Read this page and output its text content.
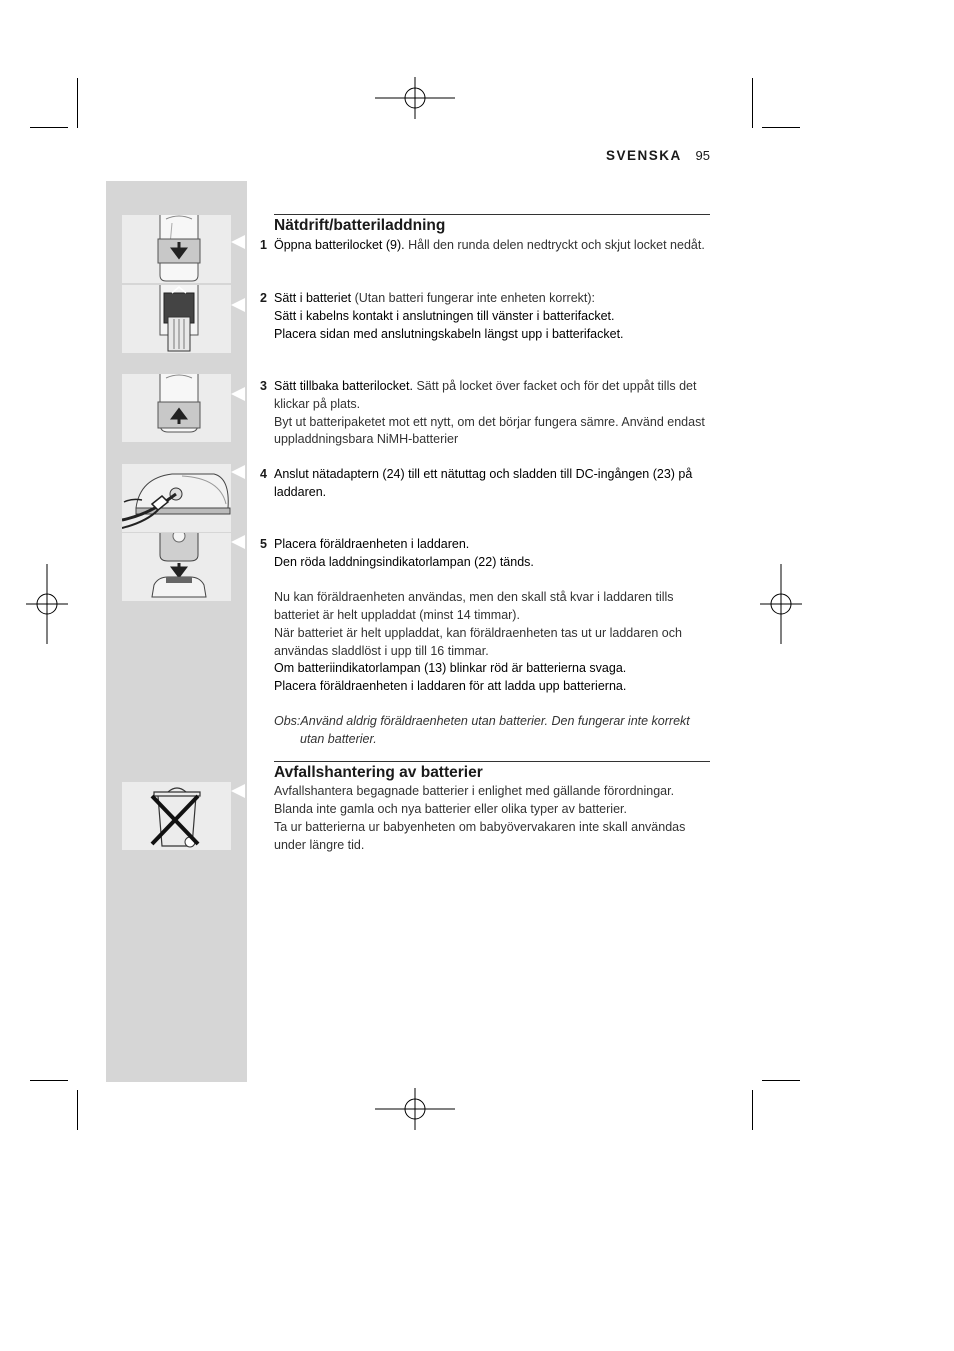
SVENSKA 95
Nätdrift/batteriladdning
1 Öppna batterilocket (9). Håll den runda delen nedtryckt och skjut locket nedåt.
2 Sätt i batteriet (Utan batteri fungerar inte enheten korrekt):
Sätt i kabelns kontakt i anslutningen till vänster i batterifacket.
Placera sidan med anslutningskabeln längst upp i batterifacket.
3 Sätt tillbaka batterilocket. Sätt på locket över facket och för det uppåt tills det klickar på plats.
Byt ut batteripaketet mot ett nytt, om det börjar fungera sämre. Använd endast uppladdningsbara NiMH-batterier
4 Anslut nätadaptern (24) till ett nätuttag och sladden till DC-ingången (23) på laddaren.
5 Placera föräldraenheten i laddaren.
Den röda laddningsindikatorlampan (22) tänds.
Nu kan föräldraenheten användas, men den skall stå kvar i laddaren tills batteriet är helt uppladdat (minst 14 timmar).
När batteriet är helt uppladdat, kan föräldraenheten tas ut ur laddaren och användas sladdlöst i upp till 16 timmar.
Om batteriindikatorlampan (13) blinkar röd är batterierna svaga.
Placera föräldraenheten i laddaren för att ladda upp batterierna.
Obs:Använd aldrig föräldraenheten utan batterier. Den fungerar inte korrekt
utan batterier.
Avfallshantering av batterier
Avfallshantera begagnade batterier i enlighet med gällande förordningar.
Blanda inte gamla och nya batterier eller olika typer av batterier.
Ta ur batterierna ur babyenheten om babyövervakaren inte skall användas under längre tid.
